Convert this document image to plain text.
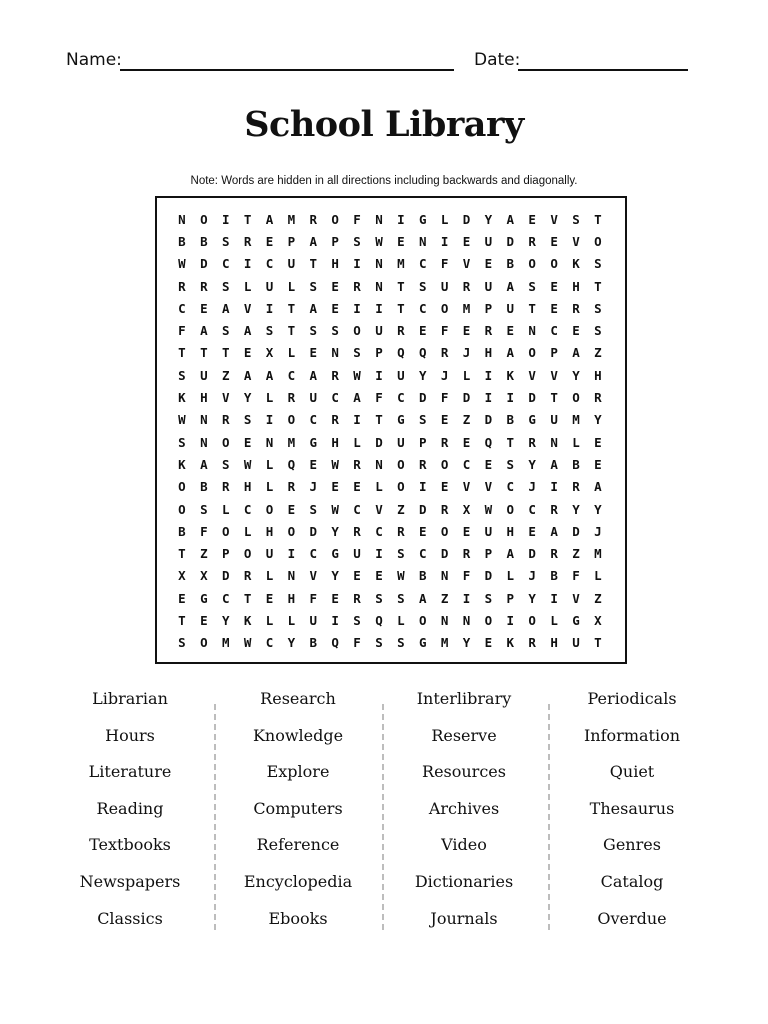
Name:	Date:
School Library
Note: Words are hidden in all directions including backwards and diagonally.
N	O	I	T	A	M	R	O	F	N	I	G	L	D	Y	A	E	V	S	T
B	B	S	R	E	P	A	P	S	W	E	N	I	E	U	D	R	E	V	O
W	D	C	I	C	U	T	H	I	N	M	C	F	V	E	B	O	O	K	S
R	R	S	L	U	L	S	E	R	N	T	S	U	R	U	A	S	E	H	T
C	E	A	V	I	T	A	E	I	I	T	C	O	M	P	U	T	E	R	S
F	A	S	A	S	T	S	S	O	U	R	E	F	E	R	E	N	C	E	S
T	T	T	E	X	L	E	N	S	P	Q	Q	R	J	H	A	O	P	A	Z
S	U	Z	A	A	C	A	R	W	I	U	Y	J	L	I	K	V	V	Y	H
K	H	V	Y	L	R	U	C	A	F	C	D	F	D	I	I	D	T	O	R
W	N	R	S	I	O	C	R	I	T	G	S	E	Z	D	B	G	U	M	Y
S	N	O	E	N	M	G	H	L	D	U	P	R	E	Q	T	R	N	L	E
K	A	S	W	L	Q	E	W	R	N	O	R	O	C	E	S	Y	A	B	E
O	B	R	H	L	R	J	E	E	L	O	I	E	V	V	C	J	I	R	A
O	S	L	C	O	E	S	W	C	V	Z	D	R	X	W	O	C	R	Y	Y
B	F	O	L	H	O	D	Y	R	C	R	E	O	E	U	H	E	A	D	J
T	Z	P	O	U	I	C	G	U	I	S	C	D	R	P	A	D	R	Z	M
X	X	D	R	L	N	V	Y	E	E	W	B	N	F	D	L	J	B	F	L
E	G	C	T	E	H	F	E	R	S	S	A	Z	I	S	P	Y	I	V	Z
T	E	Y	K	L	L	U	I	S	Q	L	O	N	N	O	I	O	L	G	X
S	O	M	W	C	Y	B	Q	F	S	S	G	M	Y	E	K	R	H	U	T
Librarian
Hours
Literature
Reading
Textbooks
Newspapers
Classics
Research
Knowledge
Explore
Computers
Reference
Encyclopedia
Ebooks
Interlibrary
Reserve
Resources
Archives
Video
Dictionaries
Journals
Periodicals
Information
Quiet
Thesaurus
Genres
Catalog
Overdue
